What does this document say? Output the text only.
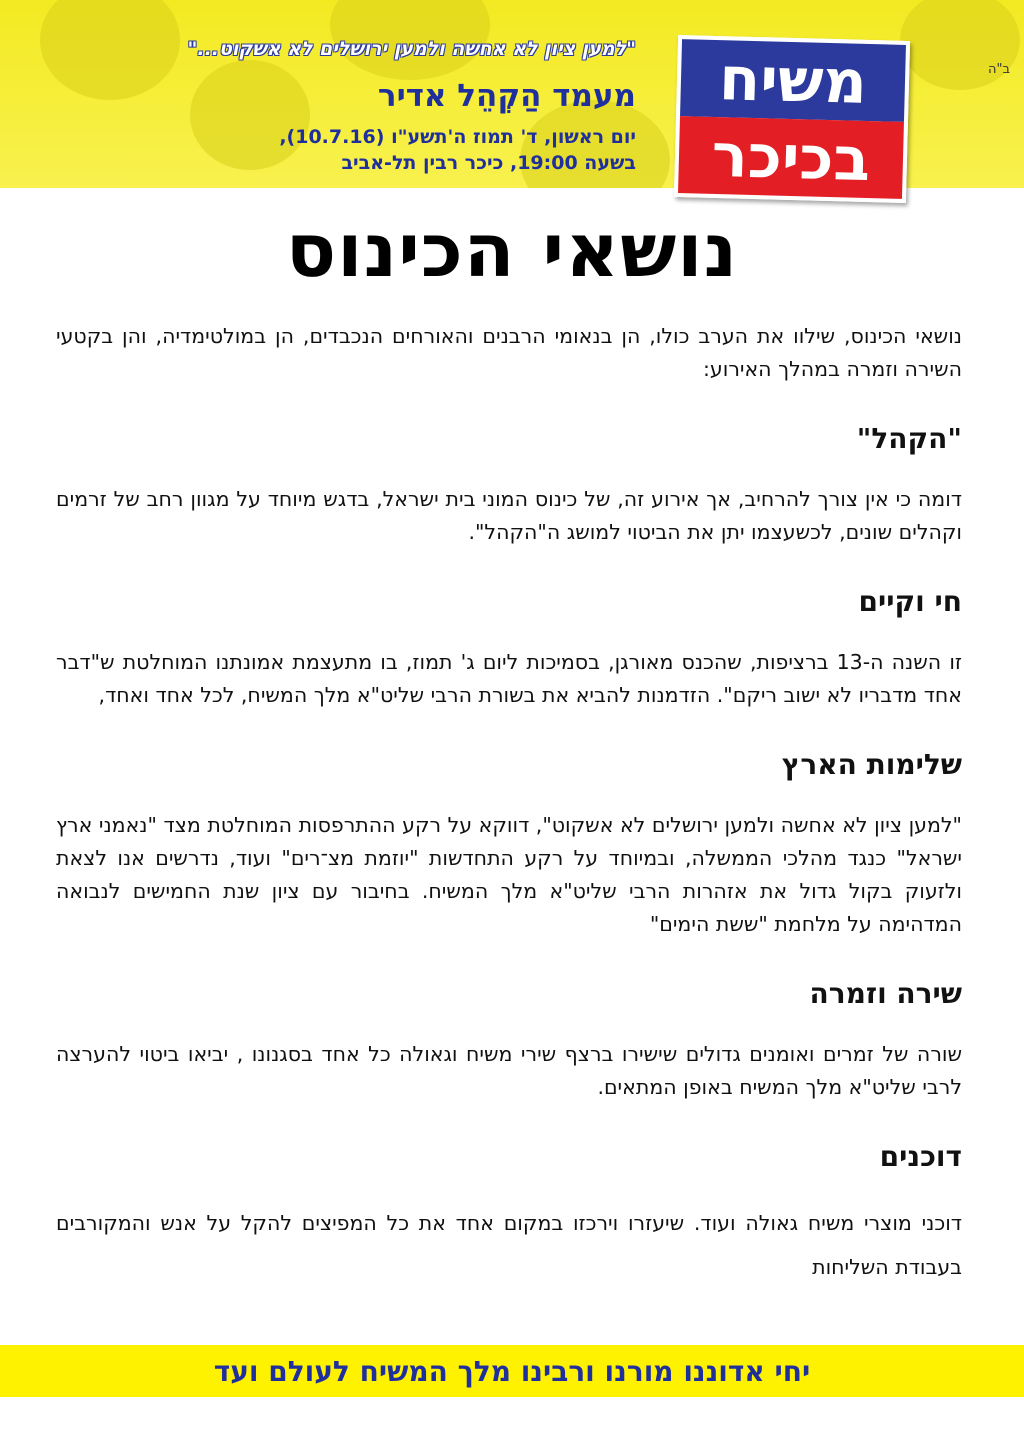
ב"ה
"למען ציון לא אחשה ולמען ירושלים לא אשקוט..."
מעמד הַקְהֵל אדיר
יום ראשון, ד' תמוז ה'תשע"ו (10.7.16),
בשעה 19:00, כיכר רבין תל-אביב
משיח
בכיכר
נושאי הכינוס

נושאי הכינוס, שילוו את הערב כולו, הן בנאומי הרבנים והאורחים הנכבדים, הן במולטימדיה, והן בקטעי השירה וזמרה במהלך האירוע:

"הקהל"

דומה כי אין צורך להרחיב, אך אירוע זה, של כינוס המוני בית ישראל, בדגש מיוחד על מגוון רחב של זרמים וקהלים שונים, לכשעצמו יתן את הביטוי למושג ה"הקהל".

חי וקיים

זו השנה ה-13 ברציפות, שהכנס מאורגן, בסמיכות ליום ג' תמוז, בו מתעצמת אמונתנו המוחלטת ש"דבר אחד מדבריו לא ישוב ריקם". הזדמנות להביא את בשורת הרבי שליט"א מלך המשיח, לכל אחד ואחד,

שלימות הארץ

"למען ציון לא אחשה ולמען ירושלים לא אשקוט", דווקא על רקע ההתרפסות המוחלטת מצד "נאמני ארץ ישראל" כנגד מהלכי הממשלה, ובמיוחד על רקע התחדשות "יוזמת מצ־רים" ועוד, נדרשים אנו לצאת ולזעוק בקול גדול את אזהרות הרבי שליט"א מלך המשיח. בחיבור עם ציון שנת החמישים לנבואה המדהימה על מלחמת "ששת הימים"

שירה וזמרה

שורה של זמרים ואומנים גדולים שישירו ברצף שירי משיח וגאולה כל אחד בסגנונו , יביאו ביטוי להערצה לרבי שליט"א מלך המשיח באופן המתאים.

דוכנים

דוכני מוצרי משיח גאולה ועוד. שיעזרו וירכזו במקום אחד את כל המפיצים להקל על אנש והמקורבים בעבודת השליחות

יחי אדוננו מורנו ורבינו מלך המשיח לעולם ועד
